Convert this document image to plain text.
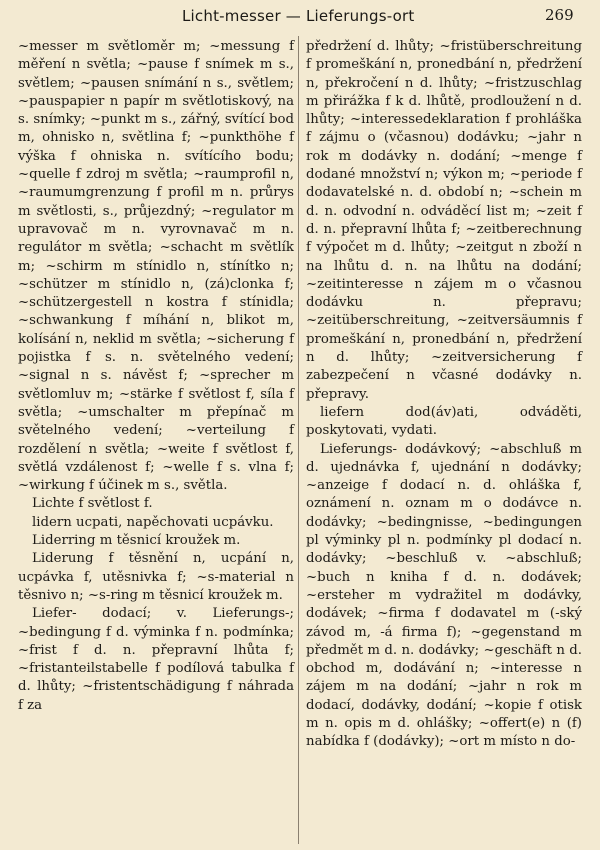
Licht-messer — Lieferungs-ort	269

~messer m světloměr m; ~messung f měření n světla; ~pause f snímek m s., světlem; ~pausen snímání n s., světlem; ~pauspapier n papír m světlotiskový, na s. snímky; ~punkt m s., zářný, svítící bod m, ohnisko n, světlina f; ~punkthöhe f výška f ohniska n. svítícího bodu; ~quelle f zdroj m světla; ~raumprofil n, ~raumumgrenzung f profil m n. průrys m světlosti, s., průjezdný; ~regulator m upravovač m n. vyrovnavač m n. regulátor m světla; ~schacht m světlík m; ~schirm m stínidlo n, stínítko n; ~schützer m stínidlo n, (zá)clonka f; ~schützergestell n kostra f stínidla; ~schwankung f míhání n, blikot m, kolísání n, neklid m světla; ~sicherung f pojistka f s. n. světelného vedení; ~signal n s. návěst f; ~sprecher m světlomluv m; ~stärke f světlost f, síla f světla; ~umschalter m přepínač m světelného vedení; ~verteilung f rozdělení n světla; ~weite f světlost f, světlá vzdálenost f; ~welle f s. vlna f; ~wirkung f účinek m s., světla.

Lichte f světlost f.

lidern ucpati, napěchovati ucpávku.

Liderring m těsnicí kroužek m.

Liderung f těsnění n, ucpání n, ucpávka f, utěsnivka f; ~s-material n těsnivo n; ~s-ring m těsnicí kroužek m.

Liefer- dodací; v. Lieferungs-; ~bedingung f d. výminka f n. podmínka; ~frist f d. n. přepravní lhůta f; ~fristanteilstabelle f podílová tabulka f d. lhůty; ~fristentschädigung f náhrada f za

předržení d. lhůty; ~fristüberschreitung f promeškání n, pronedbání n, předržení n, překročení n d. lhůty; ~fristzuschlag m přirážka f k d. lhůtě, prodloužení n d. lhůty; ~interessedeklaration f prohláška f zájmu o (včasnou) dodávku; ~jahr n rok m dodávky n. dodání; ~menge f dodané množství n; výkon m; ~periode f dodavatelské n. d. období n; ~schein m d. n. odvodní n. odváděcí list m; ~zeit f d. n. přepravní lhůta f; ~zeitberechnung f výpočet m d. lhůty; ~zeitgut n zboží n na lhůtu d. n. na lhůtu na dodání; ~zeitinteresse n zájem m o včasnou dodávku n. přepravu; ~zeitüberschreitung, ~zeitversäumnis f promeškání n, pronedbání n, předržení n d. lhůty; ~zeitversicherung f zabezpečení n včasné dodávky n. přepravy.

liefern dod(áv)ati, odváděti, poskytovati, vydati.

Lieferungs- dodávkový; ~abschluß m d. ujednávka f, ujednání n dodávky; ~anzeige f dodací n. d. ohláška f, oznámení n. oznam m o dodávce n. dodávky; ~bedingnisse, ~bedingungen pl výminky pl n. podmínky pl dodací n. dodávky; ~beschluß v. ~abschluß; ~buch n kniha f d. n. dodávek; ~ersteher m vydražitel m dodávky, dodávek; ~firma f dodavatel m (-ský závod m, -á firma f); ~gegenstand m předmět m d. n. dodávky; ~geschäft n d. obchod m, dodávání n; ~interesse n zájem m na dodání; ~jahr n rok m dodací, dodávky, dodání; ~kopie f otisk m n. opis m d. ohlášky; ~offert(e) n (f) nabídka f (dodávky); ~ort m místo n do-
